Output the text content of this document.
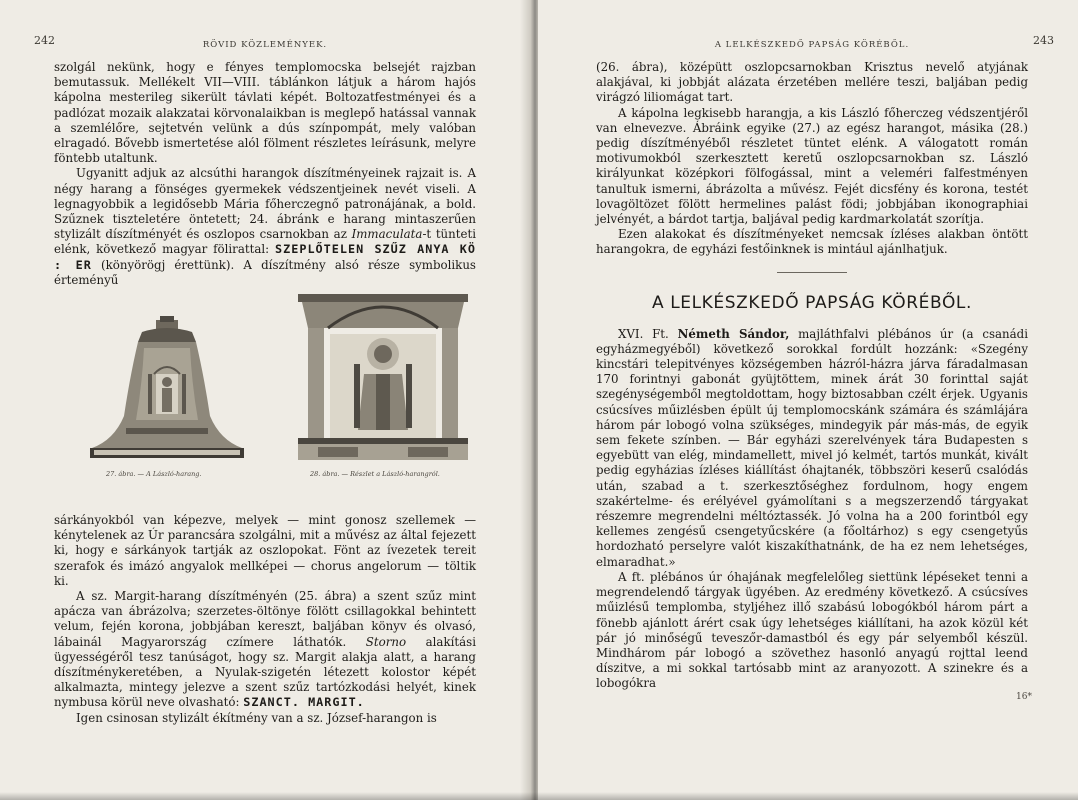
242	RÖVID KÖZLEMÉNYEK.

szolgál nekünk, hogy e fényes templomocska belsejét rajzban bemutassuk. Mellékelt VII—VIII. táblánkon látjuk a három hajós kápolna mesterileg sikerült távlati képét. Boltozatfestményei és a padlózat mozaik alakzatai körvonalaikban is meglepő hatással vannak a szemlélőre, sejtetvén velünk a dús színpompát, mely valóban elragadó. Bővebb ismertetése alól fölment részletes leírásunk, melyre föntebb utaltunk.

Ugyanitt adjuk az alcsúthi harangok díszítményeinek rajzait is. A négy harang a fönséges gyermekek védszentjeinek nevét viseli. A legnagyobbik a legidősebb Mária főherczegnő patronájának, a bold. Szűznek tiszteletére öntetett; 24. ábránk e harang mintaszerűen stylizált díszítményét és oszlopos csarnokban az Immaculata-t tünteti elénk, következő magyar fölirattal: SZEPLŐTELEN SZŰZ ANYA KÖ : ER (könyörögj érettünk). A díszítmény alsó része symbolikus érteményű

27. ábra. — A László-harang.	28. ábra. — Részlet a László-harangról.

sárkányokból van képezve, melyek — mint gonosz szellemek — kénytelenek az Úr parancsára szolgálni, mit a művész az által fejezett ki, hogy e sárkányok tartják az oszlopokat. Fönt az ívezetek tereit szerafok és imázó angyalok mellképei — chorus angelorum — töltik ki.

A sz. Margit-harang díszítményén (25. ábra) a szent szűz mint apácza van ábrázolva; szerzetes-öltönye fölött csillagokkal behintett velum, fején korona, jobbjában kereszt, baljában könyv és olvasó, lábainál Magyarország czímere láthatók. Storno alakítási ügyességéről tesz tanúságot, hogy sz. Margit alakja alatt, a harang díszítménykeretében, a Nyulak-szigetén létezett kolostor képét alkalmazta, mintegy jelezve a szent szűz tartózkodási helyét, kinek nymbusa körül neve olvasható: SZANCT. MARGIT.

Igen csinosan stylizált ékítmény van a sz. József-harangon is

A LELKÉSZKEDŐ PAPSÁG KÖRÉBŐL.	243

(26. ábra), középütt oszlopcsarnokban Krisztus nevelő atyjának alakjával, ki jobbját alázata érzetében mellére teszi, baljában pedig virágzó liliomágat tart.

A kápolna legkisebb harangja, a kis László főherczeg védszentjéről van elnevezve. Ábráink egyike (27.) az egész harangot, másika (28.) pedig díszítményéből részletet tüntet elénk. A válogatott román motivumokból szerkesztett keretű oszlopcsarnokban sz. László királyunkat középkori fölfogással, mint a veleméri falfestményen tanultuk ismerni, ábrázolta a művész. Fejét dicsfény és korona, testét lovagöltözet fölött hermelines palást födi; jobbjában ikonographiai jelvényét, a bárdot tartja, baljával pedig kardmarkolatát szorítja.

Ezen alakokat és díszítményeket nemcsak ízléses alakban öntött harangokra, de egyházi festőinknek is mintául ajánlhatjuk.

A LELKÉSZKEDŐ PAPSÁG KÖRÉBŐL.

XVI. Ft. Németh Sándor, majláthfalvi plébános úr (a csanádi egyházmegyéből) következő sorokkal fordúlt hozzánk: «Szegény kincstári telepitvényes községemben házról-házra járva fáradalmasan 170 forintnyi gabonát gyüjtöttem, minek árát 30 forinttal saját szegénységemből megtoldottam, hogy biztosabban czélt érjek. Ugyanis csúcsíves műizlésben épült új templomocskánk számára és számlájára három pár lobogó volna szükséges, mindegyik pár más-más, de egyik sem fekete színben. — Bár egyházi szerelvények tára Budapesten s egyebütt van elég, mindamellett, mivel jó kelmét, tartós munkát, kivált pedig egyházias ízléses kiállítást óhajtanék, többszöri keserű csalódás után, szabad a t. szerkesztőséghez fordulnom, hogy engem szakértelme- és erélyével gyámolítani s a megszerzendő tárgyakat részemre megrendelni méltóztassék. Jó volna ha a 200 forintból egy kellemes zengésű csengetyűcskére (a főoltárhoz) s egy csengetyűs hordozható perselyre valót kiszakíthatnánk, de ha ez nem lehetséges, elmaradhat.»

A ft. plébános úr óhajának megfelelőleg siettünk lépéseket tenni a megrendelendő tárgyak ügyében. Az eredmény következő. A csúcsíves műizlésű templomba, styljéhez illő szabású lobogókból három párt a fönebb ajánlott árért csak úgy lehetséges kiállítani, ha azok közül két pár jó minőségű teveszőr-damastból és egy pár selyemből készül. Mindhárom pár lobogó a szövethez hasonló anyagú rojttal leend díszitve, a mi sokkal tartósabb mint az aranyozott. A szinekre és a lobogókra

16*
